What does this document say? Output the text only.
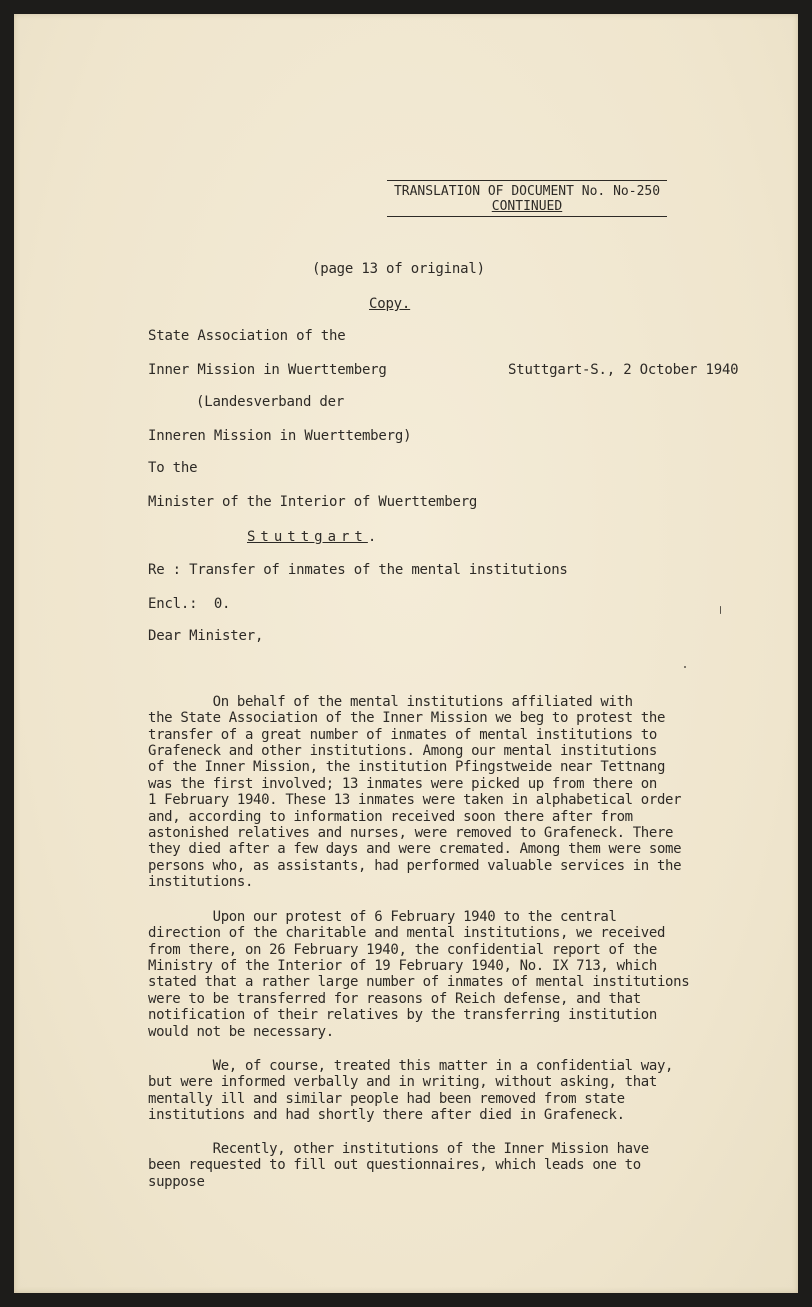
TRANSLATION OF DOCUMENT No. No-250
CONTINUED
(page 13 of original)
Copy.
State Association of the
Inner Mission in Wuerttemberg	Stuttgart-S., 2 October 1940
(Landesverband der
Inneren Mission in Wuerttemberg)
To the
Minister of the Interior of Wuerttemberg
Stuttgart.
Re : Transfer of inmates of the mental institutions
Encl.:  0.
Dear Minister,

On behalf of the mental institutions affiliated with
the State Association of the Inner Mission we beg to protest the
transfer of a great number of inmates of mental institutions to
Grafeneck and other institutions. Among our mental institutions
of the Inner Mission, the institution Pfingstweide near Tettnang
was the first involved; 13 inmates were picked up from there on
1 February 1940. These 13 inmates were taken in alphabetical order
and, according to information received soon there after from
astonished relatives and nurses, were removed to Grafeneck. There
they died after a few days and were cremated. Among them were some
persons who, as assistants, had performed valuable services in the
institutions.

Upon our protest of 6 February 1940 to the central
direction of the charitable and mental institutions, we received
from there, on 26 February 1940, the confidential report of the
Ministry of the Interior of 19 February 1940, No. IX 713, which
stated that a rather large number of inmates of mental institutions
were to be transferred for reasons of Reich defense, and that
notification of their relatives by the transferring institution
would not be necessary.

We, of course, treated this matter in a confidential way,
but were informed verbally and in writing, without asking, that
mentally ill and similar people had been removed from state
institutions and had shortly there after died in Grafeneck.

Recently, other institutions of the Inner Mission have
been requested to fill out questionnaires, which leads one to
suppose
